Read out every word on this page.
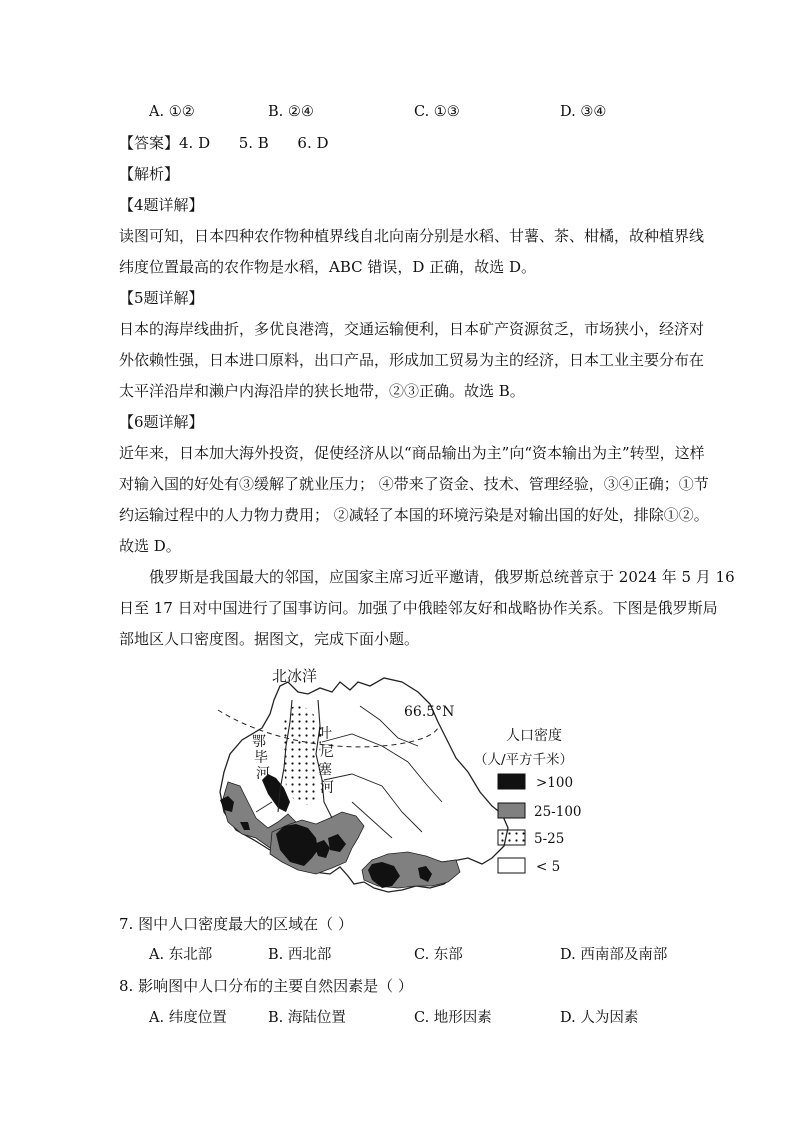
A. ①②	B. ②④	C. ①③	D. ③④
【答案】4. D      5. B      6. D
【解析】
【4题详解】
读图可知，日本四种农作物种植界线自北向南分别是水稻、甘薯、茶、柑橘，故种植界线
纬度位置最高的农作物是水稻，ABC 错误，D 正确，故选 D。
【5题详解】
日本的海岸线曲折，多优良港湾，交通运输便利，日本矿产资源贫乏，市场狭小，经济对
外依赖性强，日本进口原料，出口产品，形成加工贸易为主的经济，日本工业主要分布在
太平洋沿岸和濑户内海沿岸的狭长地带，②③正确。故选 B。
【6题详解】
近年来，日本加大海外投资，促使经济从以“商品输出为主”向“资本输出为主”转型，这样
对输入国的好处有③缓解了就业压力； ④带来了资金、技术、管理经验，③④正确；①节
约运输过程中的人力物力费用； ②减轻了本国的环境污染是对输出国的好处，排除①②。
故选 D。
俄罗斯是我国最大的邻国，应国家主席习近平邀请，俄罗斯总统普京于 2024 年 5 月 16
日至 17 日对中国进行了国事访问。加强了中俄睦邻友好和战略协作关系。下图是俄罗斯局
部地区人口密度图。据图文，完成下面小题。
北冰洋
66.5°N
鄂
毕
河
叶
尼
塞
河
人口密度
（人/平方千米）
>100
25-100
5-25
< 5
7. 图中人口密度最大的区域在（ ）
A. 东北部	B. 西北部	C. 东部	D. 西南部及南部
8. 影响图中人口分布的主要自然因素是（ ）
A. 纬度位置	B. 海陆位置	C. 地形因素	D. 人为因素
